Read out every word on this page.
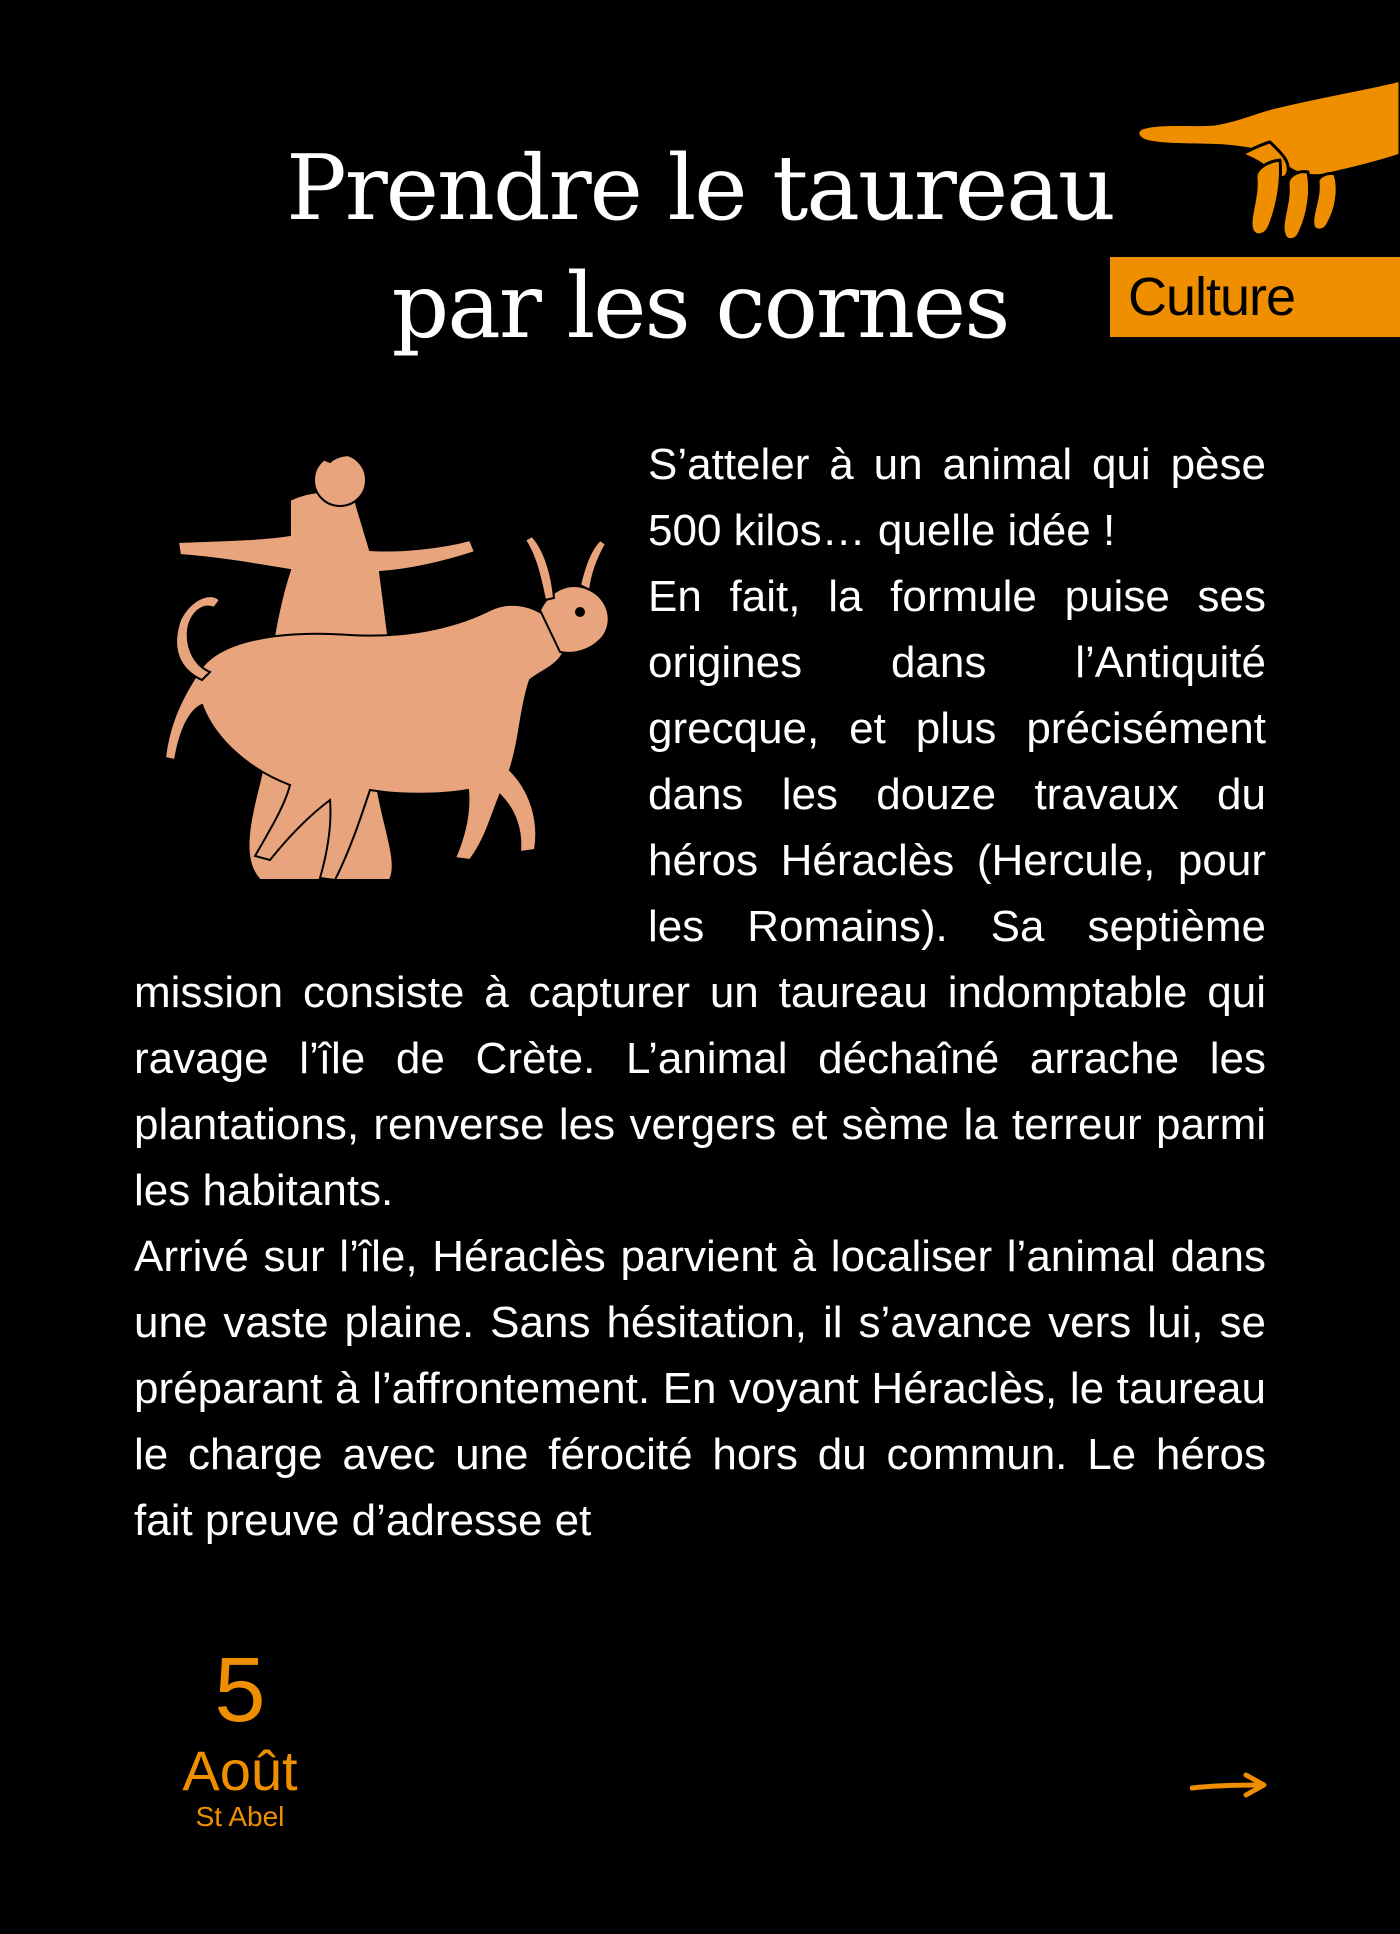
Prendre le taureau
par les cornes	Culture

S’atteler à un animal qui pèse 500 kilos… quelle idée !

En fait, la formule puise ses origines dans l’Antiquité grecque, et plus précisément dans les douze travaux du héros Héraclès (Hercule, pour les Romains). Sa septième mission consiste à capturer un taureau indomptable qui ravage l’île de Crète. L’animal déchaîné arrache les plantations, renverse les vergers et sème la terreur parmi les habitants.

Arrivé sur l’île, Héraclès parvient à localiser l’animal dans une vaste plaine. Sans hésitation, il s’avance vers lui, se préparant à l’affrontement. En voyant Héraclès, le taureau le charge avec une férocité hors du commun. Le héros fait preuve d’adresse et

5
Août
St Abel
